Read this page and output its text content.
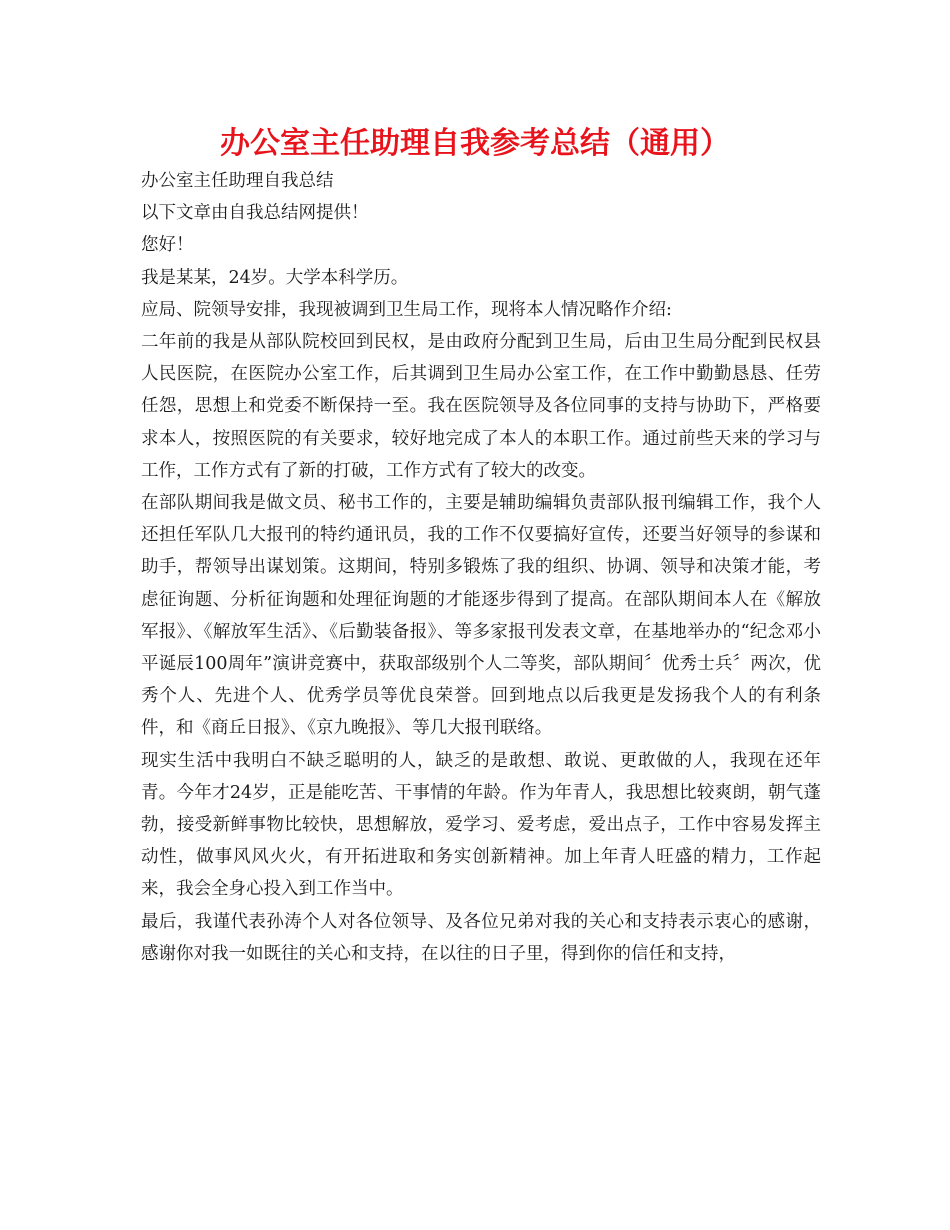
办公室主任助理自我参考总结（通用）

办公室主任助理自我总结

以下文章由自我总结网提供！

您好！

我是某某，24岁。大学本科学历。

应局、院领导安排，我现被调到卫生局工作，现将本人情况略作介绍:

二年前的我是从部队院校回到民权，是由政府分配到卫生局，后由卫生局分配到民权县人民医院，在医院办公室工作，后其调到卫生局办公室工作，在工作中勤勤恳恳、任劳任怨，思想上和党委不断保持一至。我在医院领导及各位同事的支持与协助下，严格要求本人，按照医院的有关要求，较好地完成了本人的本职工作。通过前些天来的学习与工作，工作方式有了新的打破，工作方式有了较大的改变。

在部队期间我是做文员、秘书工作的，主要是辅助编辑负责部队报刊编辑工作，我个人还担任军队几大报刊的特约通讯员，我的工作不仅要搞好宣传，还要当好领导的参谋和助手，帮领导出谋划策。这期间，特别多锻炼了我的组织、协调、领导和决策才能，考虑征询题、分析征询题和处理征询题的才能逐步得到了提高。在部队期间本人在《解放军报》、《解放军生活》、《后勤装备报》、等多家报刊发表文章，在基地举办的“纪念邓小平诞辰100周年”演讲竞赛中，获取部级别个人二等奖，部队期间〞优秀士兵〞两次，优秀个人、先进个人、优秀学员等优良荣誉。回到地点以后我更是发扬我个人的有利条件，和《商丘日报》、《京九晚报》、等几大报刊联络。

现实生活中我明白不缺乏聪明的人，缺乏的是敢想、敢说、更敢做的人，我现在还年青。今年才24岁，正是能吃苦、干事情的年龄。作为年青人，我思想比较爽朗，朝气蓬勃，接受新鲜事物比较快，思想解放，爱学习、爱考虑，爱出点子，工作中容易发挥主动性，做事风风火火，有开拓进取和务实创新精神。加上年青人旺盛的精力，工作起来，我会全身心投入到工作当中。

最后，我谨代表孙涛个人对各位领导、及各位兄弟对我的关心和支持表示衷心的感谢，感谢你对我一如既往的关心和支持，在以往的日子里，得到你的信任和支持，
